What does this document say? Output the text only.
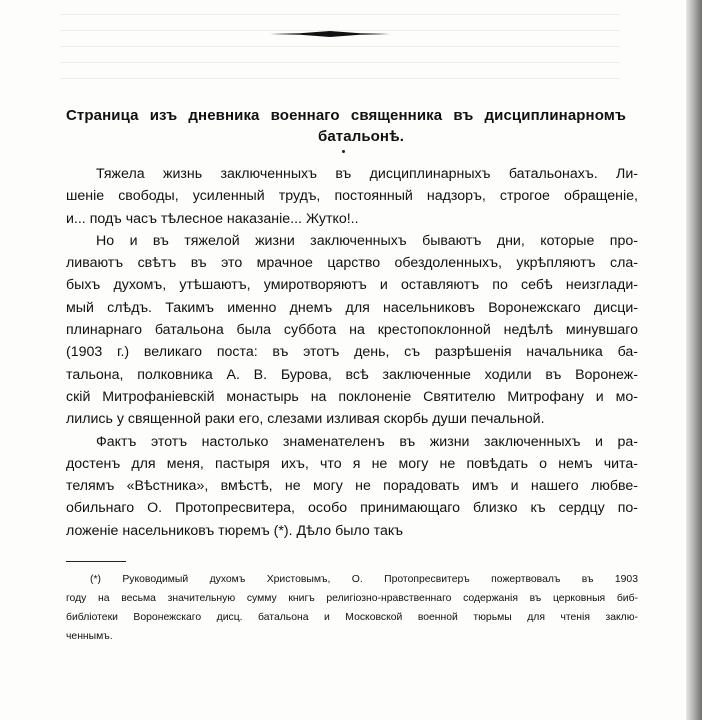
Страница изъ дневника военнаго священника въ дисциплинарномъ
батальонѣ.

Тяжела жизнь заключенныхъ въ дисциплинарныхъ батальонахъ. Ли-
шеніе свободы, усиленный трудъ, постоянный надзоръ, строгое обращеніе,
и... подъ часъ тѣлесное наказаніе... Жутко!..

Но и въ тяжелой жизни заключенныхъ бываютъ дни, которые про-
ливаютъ свѣтъ въ это мрачное царство обездоленныхъ, укрѣпляютъ сла-
быхъ духомъ, утѣшаютъ, умиротворяютъ и оставляютъ по себѣ неизглади-
мый слѣдъ. Такимъ именно днемъ для насельниковъ Воронежскаго дисци-
плинарнаго батальона была суббота на крестопоклонной недѣлѣ минувшаго
(1903 г.) великаго поста: въ этотъ день, съ разрѣшенія начальника ба-
тальона, полковника А. В. Бурова, всѣ заключенные ходили въ Воронеж-
скій Митрофаніевскій монастырь на поклоненіе Святителю Митрофану и мо-
лились у священной раки его, слезами изливая скорбь души печальной.

Фактъ этотъ настолько знаменателенъ въ жизни заключенныхъ и ра-
достенъ для меня, пастыря ихъ, что я не могу не повѣдать о немъ чита-
телямъ «Вѣстника», вмѣстѣ, не могу не порадовать имъ и нашего любве-
обильнаго О. Протопресвитера, особо принимающаго близко къ сердцу по-
ложеніе насельниковъ тюремъ (*). Дѣло было такъ

(*) Руководимый духомъ Христовымъ, О. Протопресвитеръ пожертвовалъ въ 1903
году на весьма значительную сумму книгъ религіозно-нравственнаго содержанія въ церковныя биб-
библіотеки Воронежскаго дисц. батальона и Московской военной тюрьмы для чтенія заклю-
ченнымъ.
